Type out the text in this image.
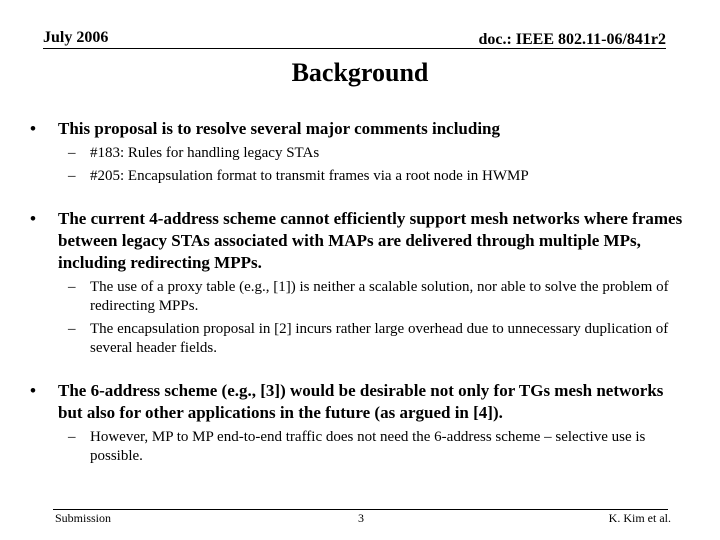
July 2006	doc.: IEEE 802.11-06/841r2
Background
• This proposal is to resolve several major comments including
– #183: Rules for handling legacy STAs
– #205: Encapsulation format to transmit frames via a root node in HWMP
• The current 4-address scheme cannot efficiently support mesh networks where frames between legacy STAs associated with MAPs are delivered through multiple MPs, including redirecting MPPs.
– The use of a proxy table (e.g., [1]) is neither a scalable solution, nor able to solve the problem of redirecting MPPs.
– The encapsulation proposal in [2] incurs rather large overhead due to unnecessary duplication of several header fields.
• The 6-address scheme (e.g., [3]) would be desirable not only for TGs mesh networks but also for other applications in the future (as argued in [4]).
– However, MP to MP end-to-end traffic does not need the 6-address scheme – selective use is possible.
Submission	3	K. Kim et al.
